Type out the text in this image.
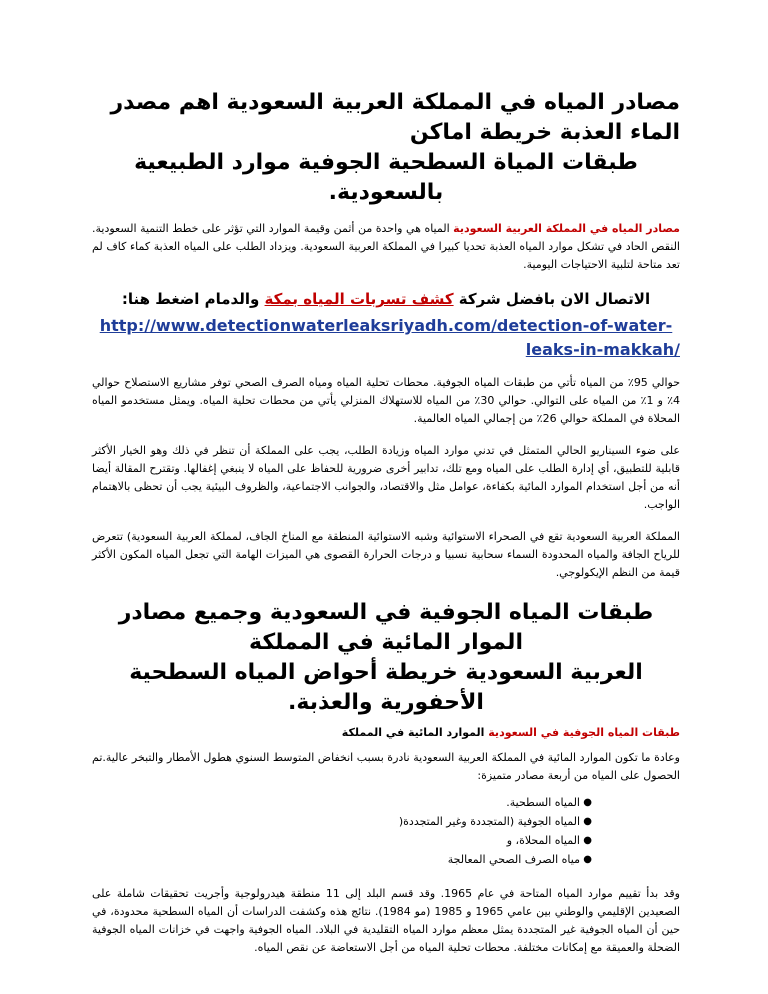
مصادر المياه في المملكة العربية السعودية اهم مصدر الماء العذبة خريطة اماكن
طبقات المياة السطحية الجوفية موارد الطبيعية بالسعودية.

مصادر المياه في المملكة العربية السعودية المياه هي واحدة من أثمن وقيمة الموارد التي تؤثر على خطط التنمية السعودية. النقص الحاد في تشكل موارد المياه العذبة تحديا كبيرا في المملكة العربية السعودية. ويزداد الطلب على المياه العذبة كماء كاف لم تعد متاحة لتلبية الاحتياجات اليومية.

الاتصال الان بافضل شركة كشف تسربات المياه بمكة والدمام اضغط هنا:

http://www.detectionwaterleaksriyadh.com/detection-of-water-
leaks-in-makkah/

حوالي 95٪ من المياه تأتي من طبقات المياه الجوفية. محطات تحلية المياه ومياه الصرف الصحي توفر مشاريع الاستصلاح حوالي 4٪ و 1٪ من المياه على التوالي. حوالي 30٪ من المياه للاستهلاك المنزلي يأتي من محطات تحلية المياه. ويمثل مستخدمو المياه المحلاة في المملكة حوالي 26٪ من إجمالي المياه العالمية.

على ضوء السيناريو الحالي المتمثل في تدني موارد المياه وزيادة الطلب، يجب على المملكة أن تنظر في ذلك وهو الخيار الأكثر قابلية للتطبيق، أي إدارة الطلب على المياه ومع تلك، تدابير أخرى ضرورية للحفاظ على المياه لا ينبغي إغفالها. وتقترح المقالة أيضا أنه من أجل استخدام الموارد المائية بكفاءة، عوامل مثل والاقتصاد، والجوانب الاجتماعية، والظروف البيئية يجب أن تحظى بالاهتمام الواجب.

المملكة العربية السعودية تقع في الصحراء الاستوائية وشبه الاستوائية المنطقة مع المناخ الجاف، لمملكة العربية السعودية) تتعرض للرياح الجافة والمياه المحدودة السماء سحابية نسبيا و درجات الحرارة القصوى هي الميزات الهامة التي تجعل المياه المكون الأكثر قيمة من النظم الإيكولوجي.

طبقات المياه الجوفية في السعودية وجميع مصادر الموار المائية في المملكة
العربية السعودية خريطة أحواض المياه السطحية الأحفورية والعذبة.

طبقات المياه الجوفية في السعودية الموارد المائية في المملكة

وعادة ما تكون الموارد المائية في المملكة العربية السعودية نادرة بسبب انخفاض المتوسط السنوي هطول الأمطار والتبخر عالية.تم الحصول على المياه من أربعة مصادر متميزة:

●
المياه السطحية.
●
المياه الجوفية (المتجددة وغير المتجددة(
●
المياه المحلاة، و
●
مياه الصرف الصحي المعالجة

وقد بدأ تقييم موارد المياه المتاحة في عام 1965. وقد قسم البلد إلى 11 منطقة هيدرولوجية وأجريت تحقيقات شاملة على الصعيدين الإقليمي والوطني بين عامي 1965 و 1985 (مو 1984). نتائج هذه وكشفت الدراسات أن المياه السطحية محدودة، في حين أن المياه الجوفية غير المتجددة يمثل معظم موارد المياه التقليدية في البلاد. المياه الجوفية واجهت في خزانات المياه الجوفية الضحلة والعميقة مع إمكانات مختلفة. محطات تحلية المياه من أجل الاستعاضة عن نقص المياه.
